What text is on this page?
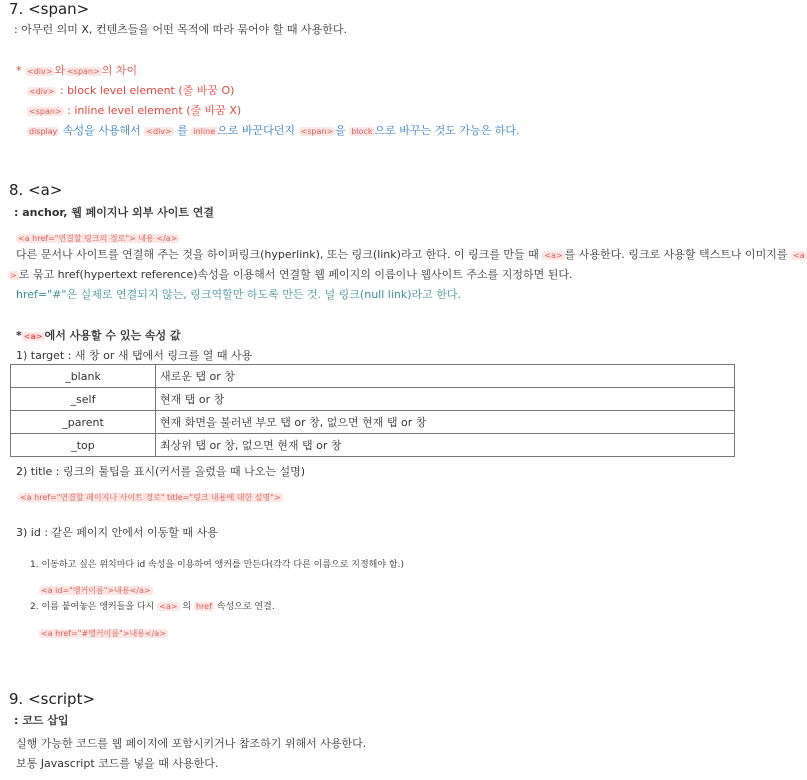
7. <span>
: 아무런 의미 X, 컨텐츠들을 어떤 목적에 따라 묶어야 할 때 사용한다.
* <div> 와 <span> 의 차이
<div> : block level element (줄 바꿈 O)
<span> : inline level element (줄 바꿈 X)
display 속성을 사용해서 <div> 를 inline 으로 바꾼다던지 <span> 을 block 으로 바꾸는 것도 가능은 하다.
8. <a>
: anchor, 웹 페이지나 외부 사이트 연결
<a href="연결할 링크의 경로"> 내용 </a>
다른 문서나 사이트를 연결해 주는 것을 하이퍼링크(hyperlink), 또는 링크(link)라고 한다. 이 링크를 만들 때 <a> 를 사용한다. 링크로 사용할 텍스트나 이미지를 <a
> 로 묶고 href(hypertext reference)속성을 이용해서 연결할 웹 페이지의 이름이나 웹사이트 주소를 지정하면 된다.
href="#"은 실제로 연결되지 않는, 링크역할만 하도록 만든 것. 널 링크(null link)라고 한다.
* <a> 에서 사용할 수 있는 속성 값
1) target : 새 창 or 새 탭에서 링크를 열 때 사용
_blank	새로운 탭 or 창
_self	현재 탭 or 창
_parent	현재 화면을 불러낸 부모 탭 or 창, 없으면 현재 탭 or 창
_top	최상위 탭 or 창, 없으면 현재 탭 or 창
2) title : 링크의 툴팁을 표시(커서를 올렸을 때 나오는 설명)
<a href="연결할 페이지나 사이트 경로" title="링크 내용에 대한 설명">
3) id : 같은 페이지 안에서 이동할 때 사용
1. 이동하고 싶은 위치마다 id 속성을 이용하여 앵커를 만든다(각각 다른 이름으로 지정해야 함.)
<a id="앵커이름">내용</a>
2. 이름 붙여놓은 앵커들을 다시 <a> 의 href 속성으로 연결.
<a href="#앵커이름">내용</a>
9. <script>
: 코드 삽입
실행 가능한 코드를 웹 페이지에 포함시키거나 참조하기 위해서 사용한다.
보통 Javascript 코드를 넣을 때 사용한다.
